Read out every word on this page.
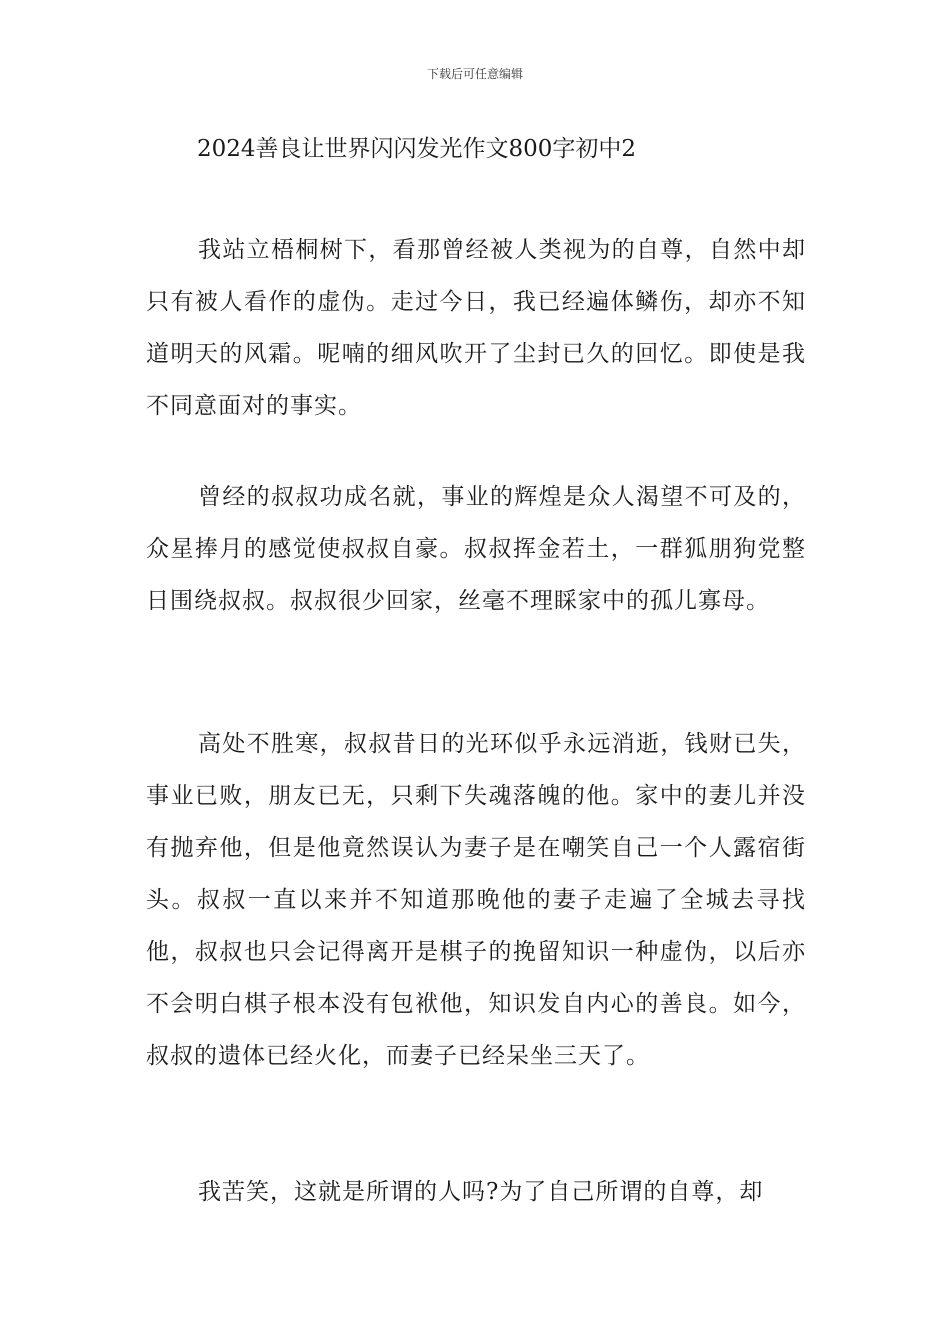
下载后可任意编辑
2024善良让世界闪闪发光作文800字初中2

我站立梧桐树下，看那曾经被人类视为的自尊，自然中却只有被人看作的虚伪。走过今日，我已经遍体鳞伤，却亦不知道明天的风霜。呢喃的细风吹开了尘封已久的回忆。即使是我不同意面对的事实。

曾经的叔叔功成名就，事业的辉煌是众人渴望不可及的，众星捧月的感觉使叔叔自豪。叔叔挥金若土，一群狐朋狗党整日围绕叔叔。叔叔很少回家，丝毫不理睬家中的孤儿寡母。

高处不胜寒，叔叔昔日的光环似乎永远消逝，钱财已失，事业已败，朋友已无，只剩下失魂落魄的他。家中的妻儿并没有抛弃他，但是他竟然误认为妻子是在嘲笑自己一个人露宿街头。叔叔一直以来并不知道那晚他的妻子走遍了全城去寻找他，叔叔也只会记得离开是棋子的挽留知识一种虚伪，以后亦不会明白棋子根本没有包袱他，知识发自内心的善良。如今，叔叔的遗体已经火化，而妻子已经呆坐三天了。

我苦笑，这就是所谓的人吗?为了自己所谓的自尊，却
